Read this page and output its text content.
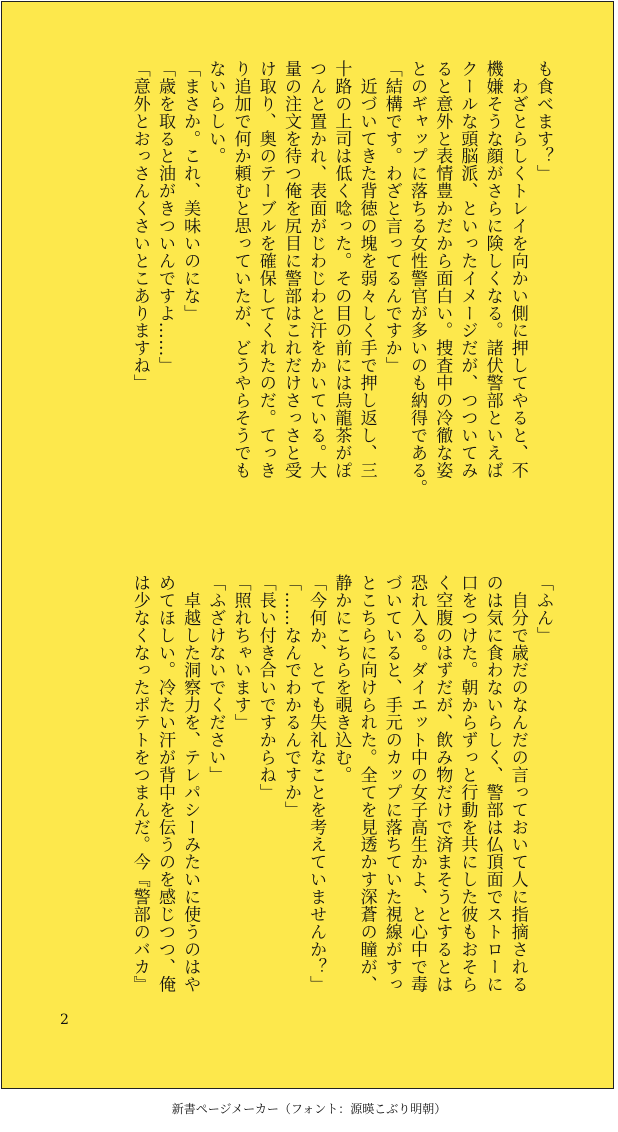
も食べます？」
　わざとらしくトレイを向かい側に押してやると、不
機嫌そうな顔がさらに険しくなる。諸伏警部といえば
クールな頭脳派、といったイメージだが、つついてみ
ると意外と表情豊かだから面白い。捜査中の冷徹な姿
とのギャップに落ちる女性警官が多いのも納得である。
「結構です。わざと言ってるんですか」
　近づいてきた背徳の塊を弱々しく手で押し返し、三
十路の上司は低く唸った。その目の前には烏龍茶がぽ
つんと置かれ、表面がじわじわと汗をかいている。大
量の注文を待つ俺を尻目に警部はこれだけさっさと受
け取り、奥のテーブルを確保してくれたのだ。てっき
り追加で何か頼むと思っていたが、どうやらそうでも
ないらしい。
「まさか。これ、美味いのにな」
「歳を取ると油がきついんですよ……」
「意外とおっさんくさいとこありますね」
「ふん」
　自分で歳だのなんだの言っておいて人に指摘される
のは気に食わないらしく、警部は仏頂面でストローに
口をつけた。朝からずっと行動を共にした彼もおそら
く空腹のはずだが、飲み物だけで済まそうとするとは
恐れ入る。ダイエット中の女子高生かよ、と心中で毒
づいていると、手元のカップに落ちていた視線がすっ
とこちらに向けられた。全てを見透かす深蒼の瞳が、
静かにこちらを覗き込む。
「今何か、とても失礼なことを考えていませんか？」
「……なんでわかるんですか」
「長い付き合いですからね」
「照れちゃいます」
「ふざけないでください」
　卓越した洞察力を、テレパシーみたいに使うのはや
めてほしい。冷たい汗が背中を伝うのを感じつつ、俺
は少なくなったポテトをつまんだ。今『警部のバカ』
2
新書ページメーカー（フォント：源暎こぶり明朝）
